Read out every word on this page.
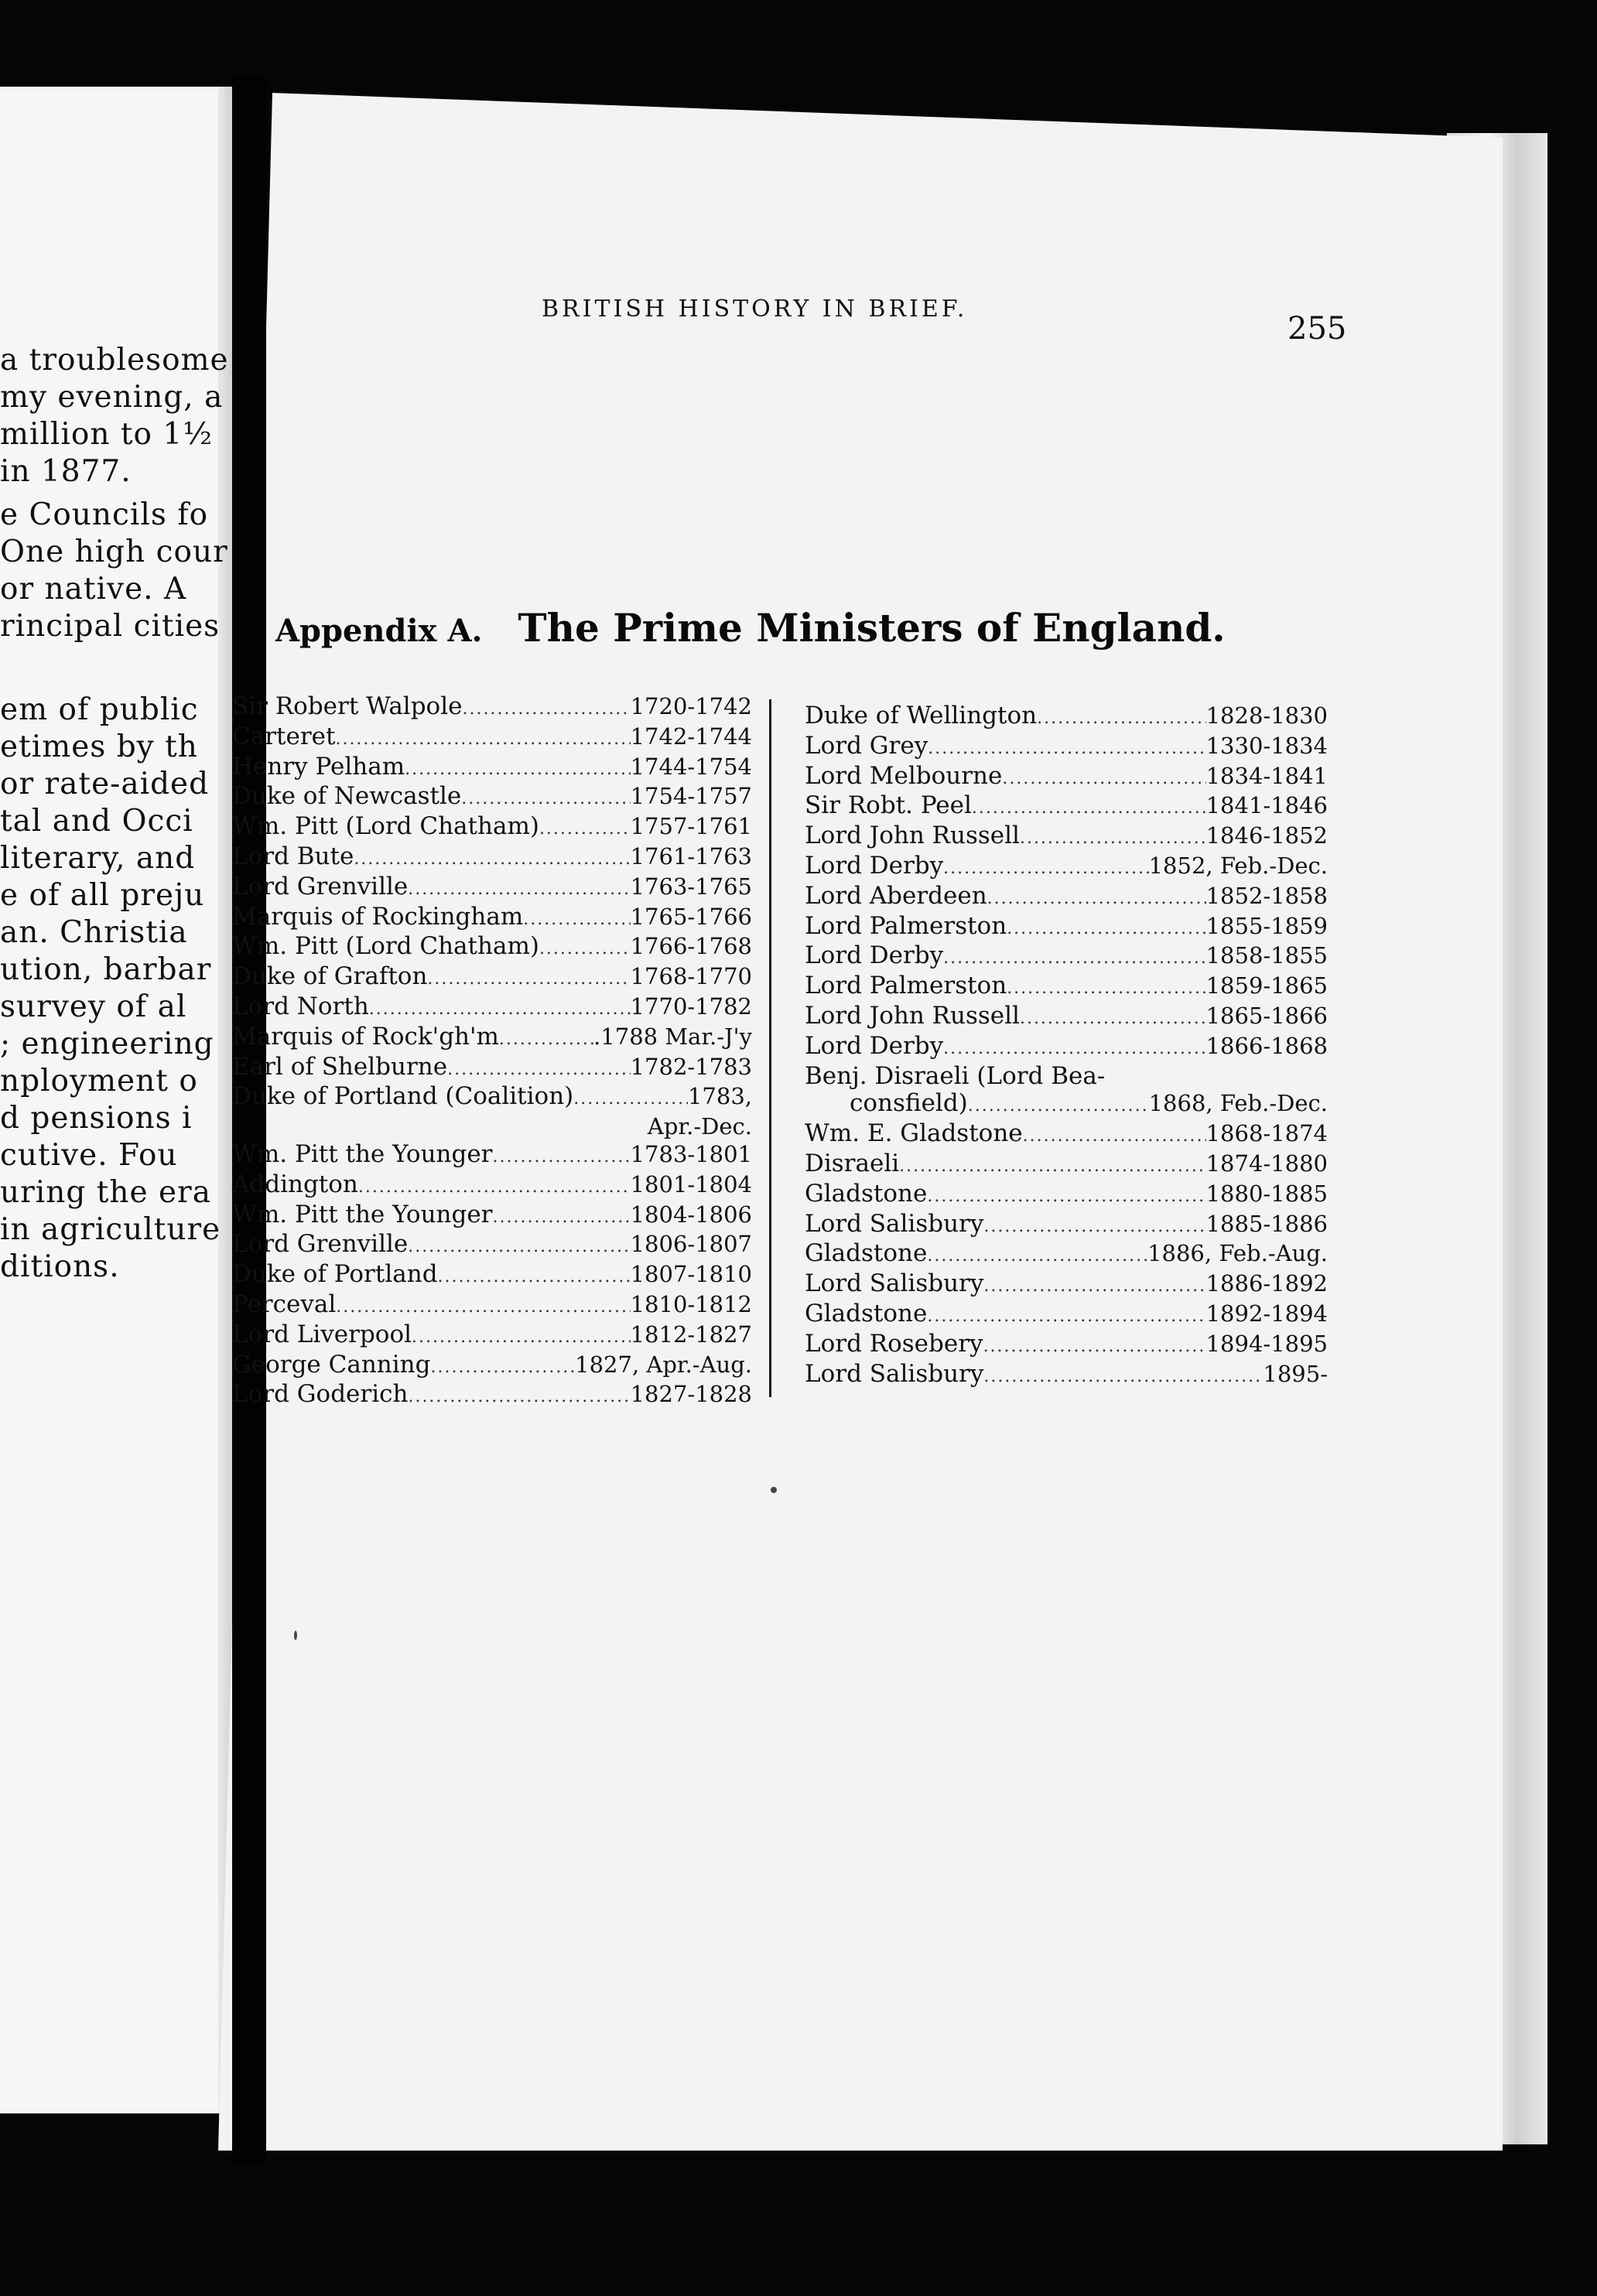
a troublesome
my evening, a
million to 1½
in 1877.
e Councils fo
One high cour
or native. A
rincipal cities
em of public
etimes by th
or rate-aided
tal and Occi
literary, and
e of all preju
an. Christia
ution, barbar
survey of al
; engineering
nployment o
d pensions i
cutive. Fou
uring the era
in agriculture
ditions.
BRITISH HISTORY IN BRIEF.
255
Appendix A. The Prime Ministers of England.
Sir Robert Walpole .....	1720-1742
Carteret .....	1742-1744
Henry Pelham .....	1744-1754
Duke of Newcastle .....	1754-1757
Wm. Pitt (Lord Chatham) .....	1757-1761
Lord Bute .....	1761-1763
Lord Grenville .....	1763-1765
Marquis of Rockingham .....	1765-1766
Wm. Pitt (Lord Chatham) .....	1766-1768
Duke of Grafton .....	1768-1770
Lord North .....	1770-1782
Marquis of Rock'gh'm .....	.1788 Mar.-J'y
Earl of Shelburne .....	1782-1783
Duke of Portland (Coalition) .....	1783,
Apr.-Dec.
Wm. Pitt the Younger .....	1783-1801
Addington .....	1801-1804
Wm. Pitt the Younger .....	1804-1806
Lord Grenville .....	1806-1807
Duke of Portland .....	1807-1810
Perceval .....	1810-1812
Lord Liverpool .....	1812-1827
George Canning .....	1827, Apr.-Aug.
Lord Goderich .....	1827-1828
Duke of Wellington .....	1828-1830
Lord Grey .....	1330-1834
Lord Melbourne .....	1834-1841
Sir Robt. Peel .....	1841-1846
Lord John Russell .....	1846-1852
Lord Derby .....	1852, Feb.-Dec.
Lord Aberdeen .....	1852-1858
Lord Palmerston .....	1855-1859
Lord Derby .....	1858-1855
Lord Palmerston .....	1859-1865
Lord John Russell .....	1865-1866
Lord Derby .....	1866-1868
Benj. Disraeli (Lord Bea-
consfield) .....	1868, Feb.-Dec.
Wm. E. Gladstone .....	1868-1874
Disraeli .....	1874-1880
Gladstone .....	1880-1885
Lord Salisbury .....	1885-1886
Gladstone .....	1886, Feb.-Aug.
Lord Salisbury .....	1886-1892
Gladstone .....	1892-1894
Lord Rosebery .....	1894-1895
Lord Salisbury .....	1895-
